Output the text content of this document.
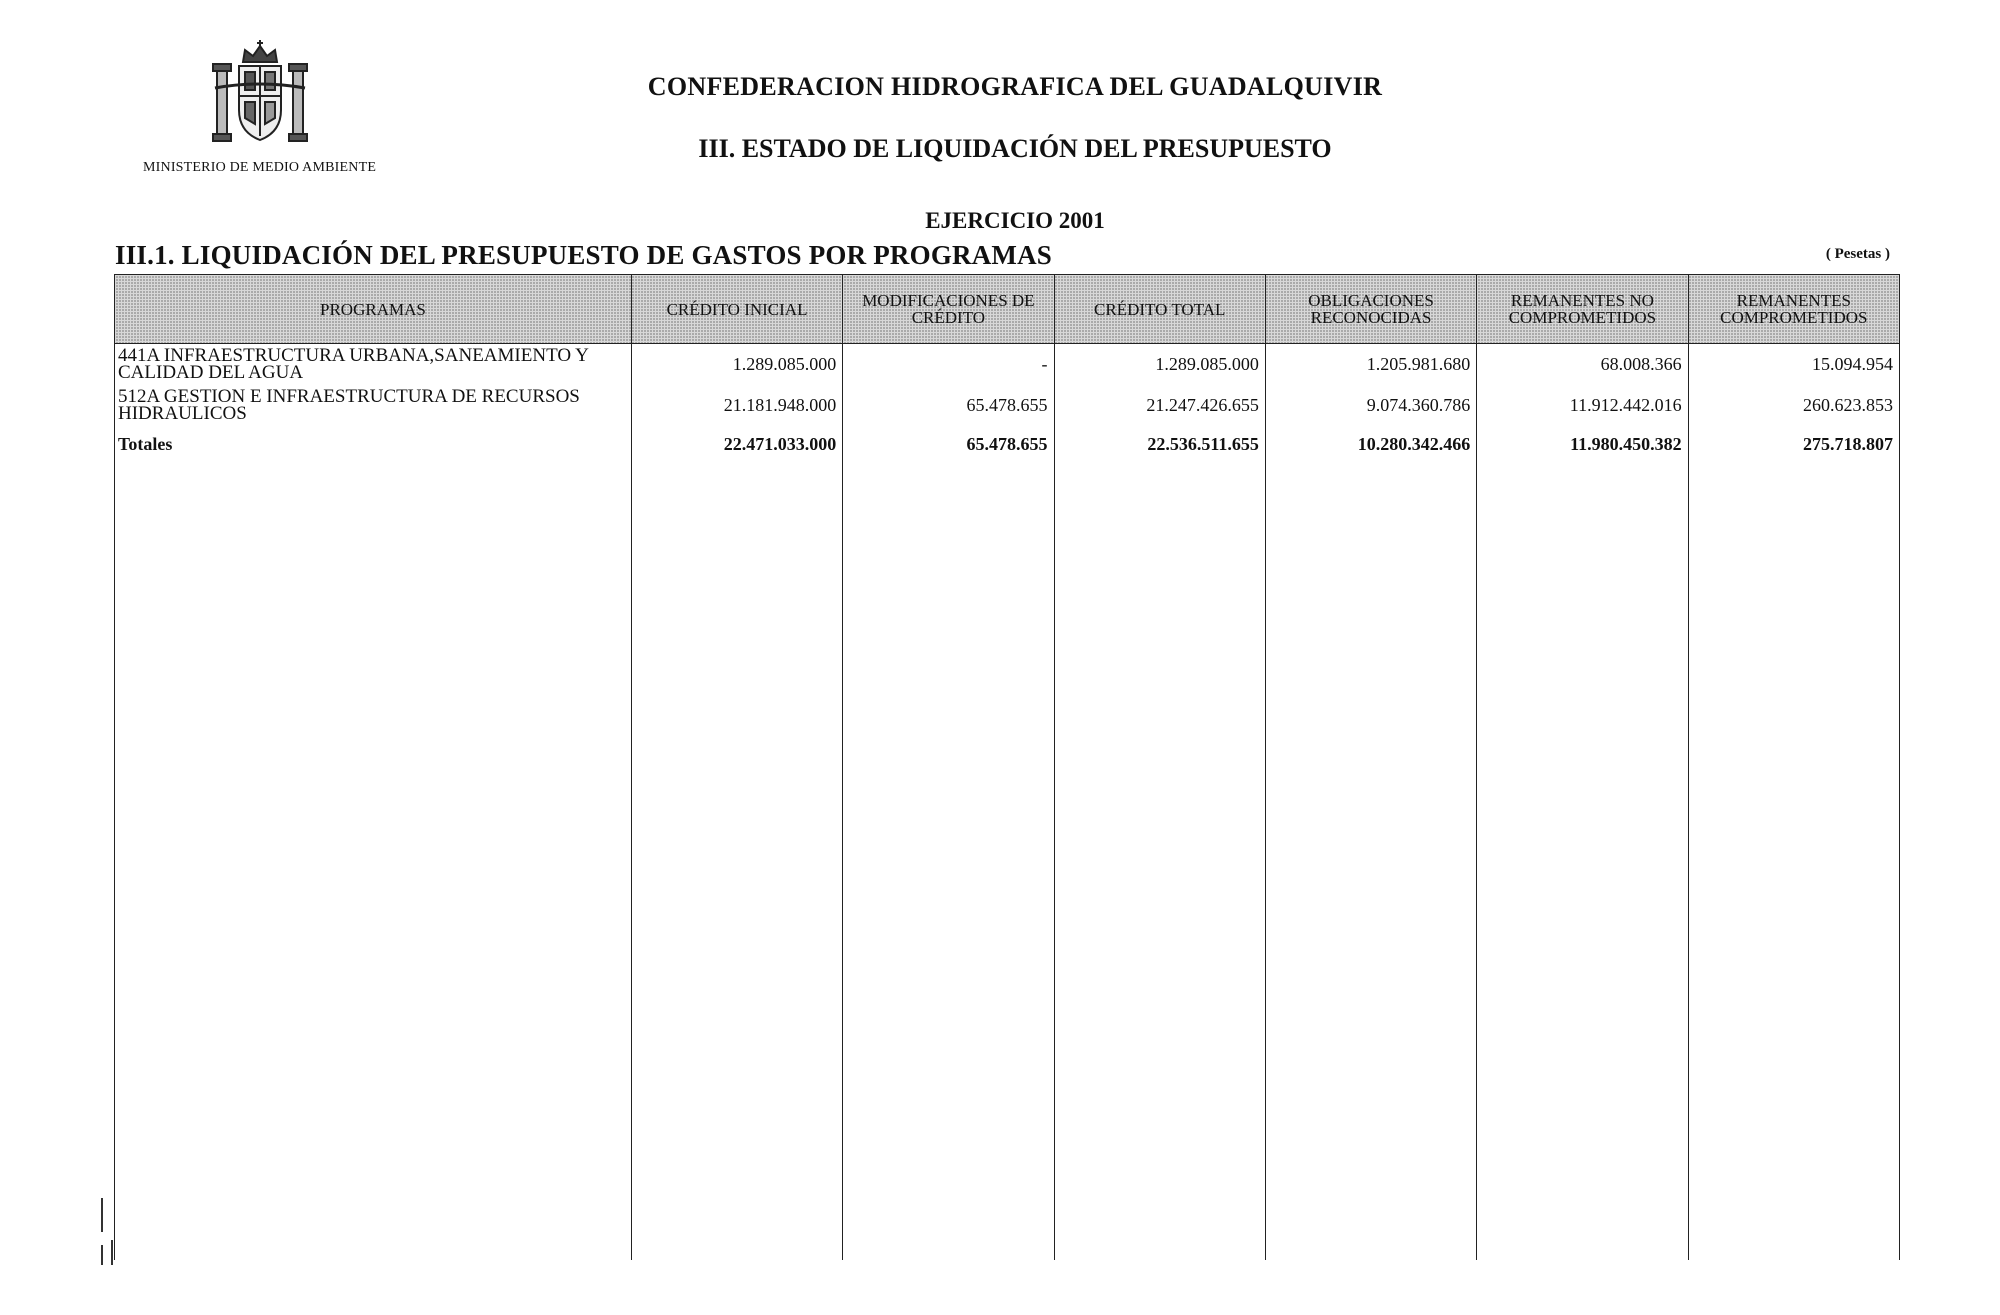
MINISTERIO DE MEDIO AMBIENTE
CONFEDERACION HIDROGRAFICA DEL GUADALQUIVIR
III. ESTADO DE LIQUIDACIÓN DEL PRESUPUESTO
EJERCICIO 2001
III.1. LIQUIDACIÓN DEL PRESUPUESTO DE GASTOS POR PROGRAMAS	( Pesetas )
PROGRAMAS	CRÉDITO INICIAL	MODIFICACIONES DE CRÉDITO	CRÉDITO TOTAL	OBLIGACIONES RECONOCIDAS	REMANENTES NO COMPROMETIDOS	REMANENTES COMPROMETIDOS
441A INFRAESTRUCTURA URBANA,SANEAMIENTO Y CALIDAD DEL AGUA	1.289.085.000	-	1.289.085.000	1.205.981.680	68.008.366	15.094.954
512A GESTION E INFRAESTRUCTURA DE RECURSOS HIDRAULICOS	21.181.948.000	65.478.655	21.247.426.655	9.074.360.786	11.912.442.016	260.623.853
Totales	22.471.033.000	65.478.655	22.536.511.655	10.280.342.466	11.980.450.382	275.718.807
